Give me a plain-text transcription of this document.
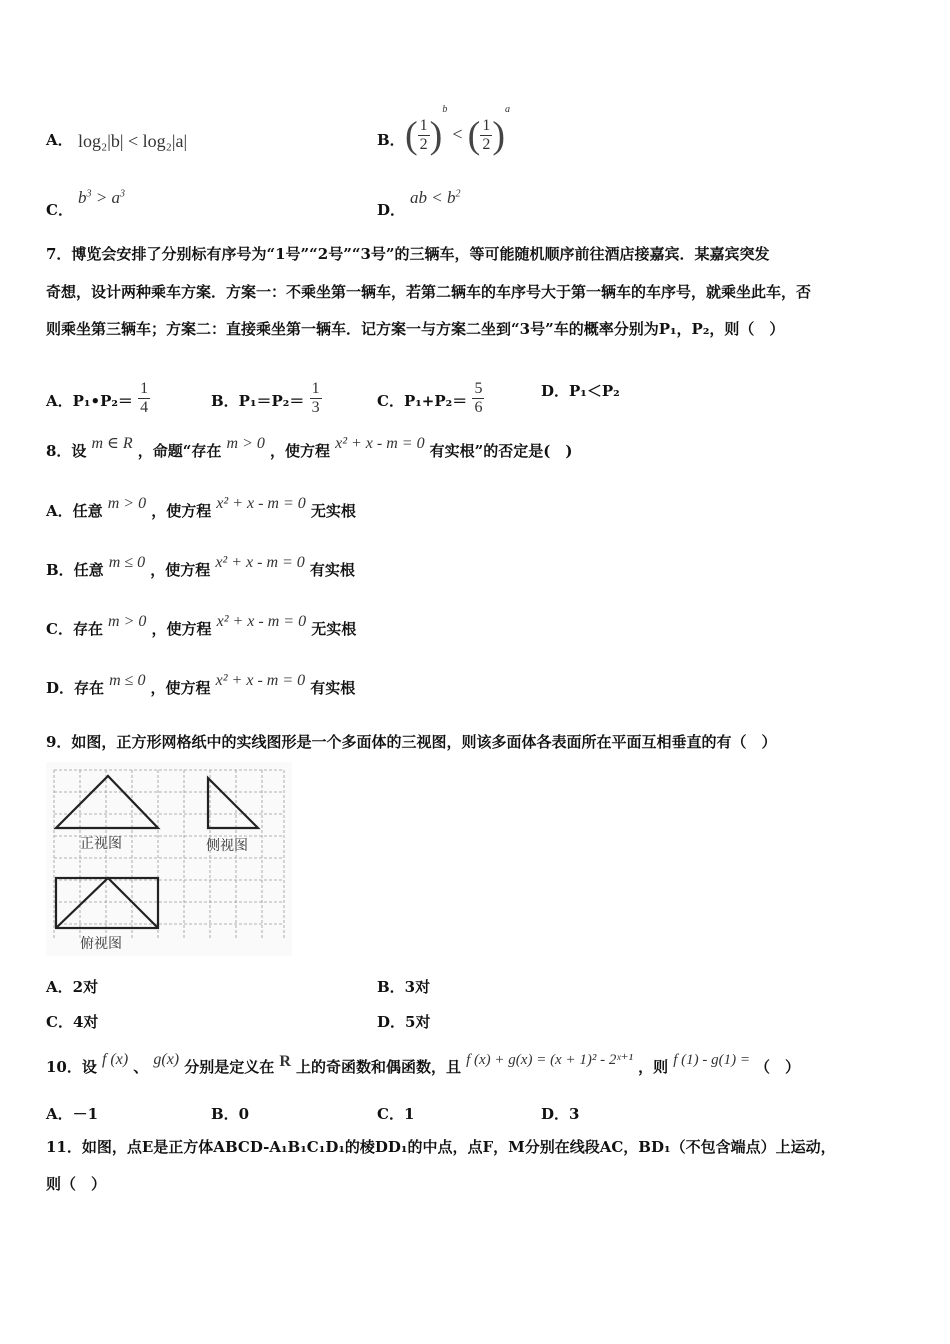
A． log₂|b| < log₂|a|	B． ( $\frac{1}{2} )^b$ < ( $\frac{1}{2} )^a$
C．
$b^3 > a^3$
D．
ab < $b^2$
7．博览会安排了分别标有序号为“1号”“2号”“3号”的三辆车，等可能随机顺序前往酒店接嘉宾．某嘉宾突发
奇想，设计两种乘车方案．方案一：不乘坐第一辆车，若第二辆车的车序号大于第一辆车的车序号，就乘坐此车，否
则乘坐第三辆车；方案二：直接乘坐第一辆车．记方案一与方案二坐到“3号”车的概率分别为P₁，P₂，则（　）
A．P₁•P₂＝ $\frac{1}{4}$	B．$P_1=P_2= \frac{1}{3}$	C．$P_1+P_2= \frac{5}{6}$	D．P₁＜P₂
8．设 m ∈ R ，命题“存在 m > 0 ，使方程 x² + x - m = 0 有实根”的否定是(　)
A．任意 m > 0 ，使方程 x² + x - m = 0 无实根
B．任意 m ≤ 0 ，使方程 x² + x - m = 0 有实根
C．存在 m > 0 ，使方程 x² + x - m = 0 无实根
D．存在 m ≤ 0 ，使方程 x² + x - m = 0 有实根
9．如图，正方形网格纸中的实线图形是一个多面体的三视图，则该多面体各表面所在平面互相垂直的有（　）
正视图	侧视图
俯视图
A．2对	B．3对
C．4对	D．5对
10．设 f (x) 、 g(x) 分别是定义在 R 上的奇函数和偶函数，且 f (x) + g(x) = (x + 1)² - 2ˣ⁺¹ ，则 f (1) - g(1) = （　）
A．－1	B．0	C．1	D．3
11．如图，点E是正方体ABCD-A₁B₁C₁D₁的棱DD₁的中点，点F，M分别在线段AC，BD₁（不包含端点）上运动，
则（　）
